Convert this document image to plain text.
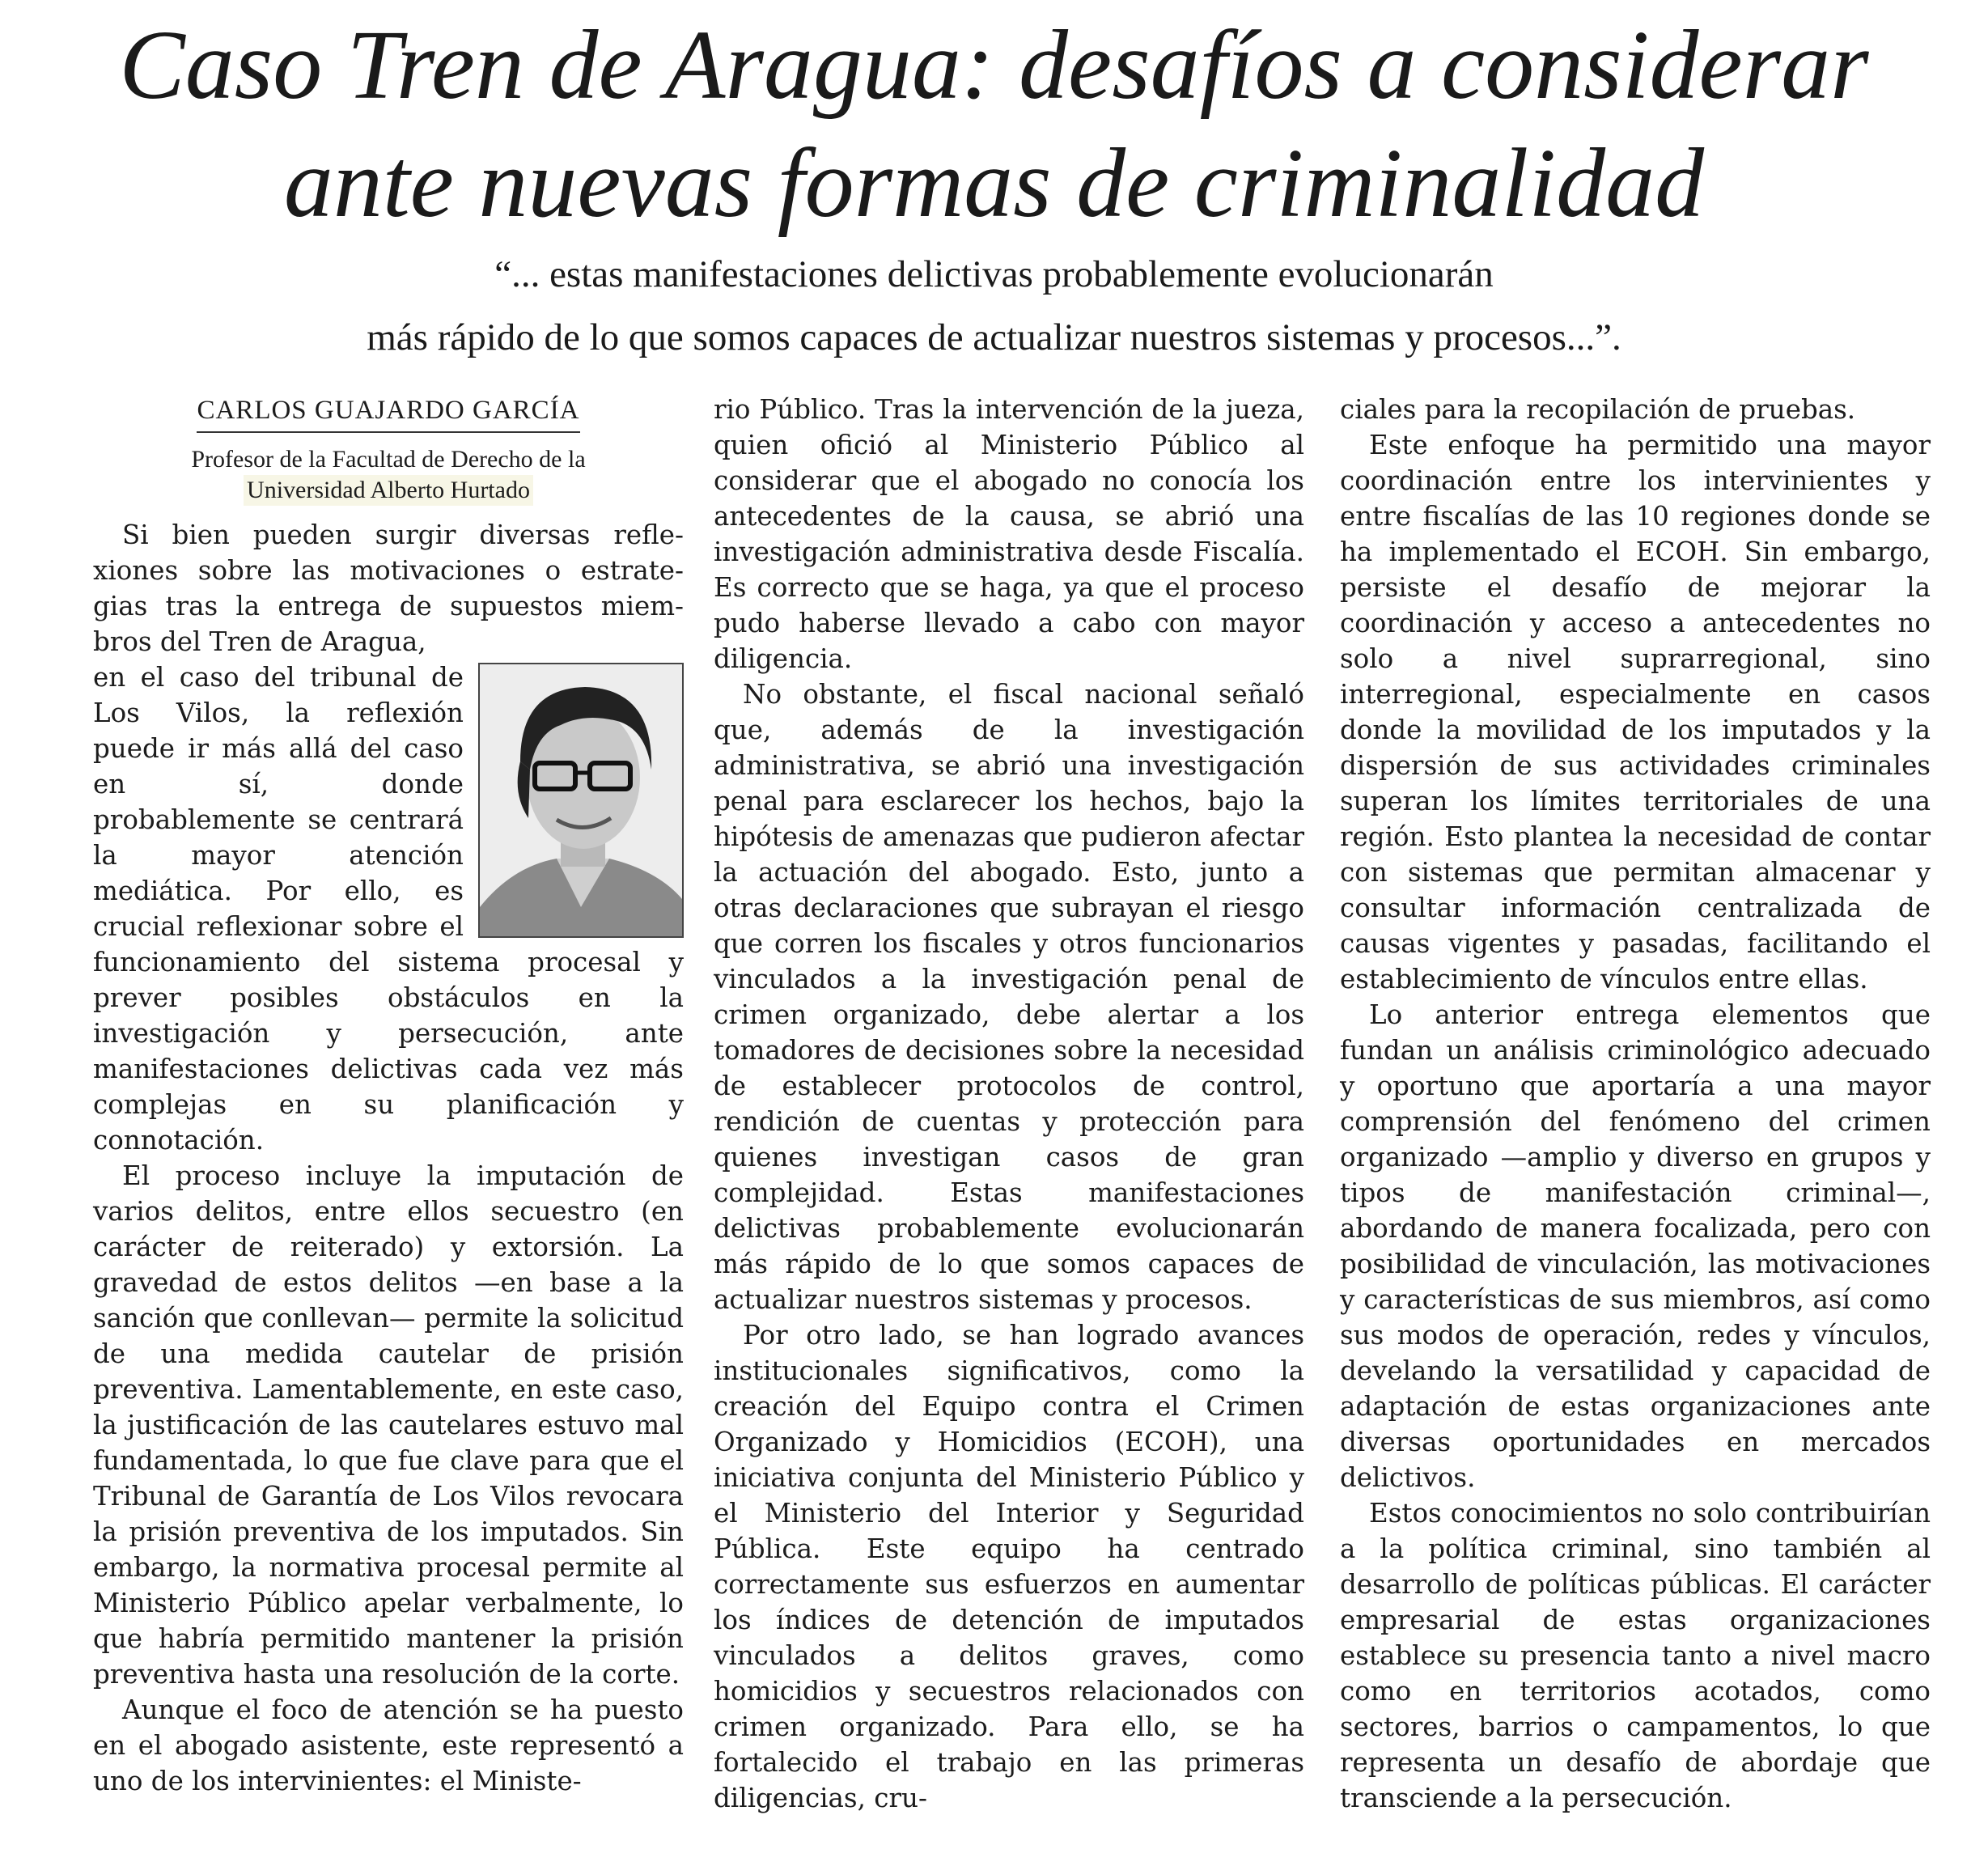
Caso Tren de Aragua: desafíos a considerar
ante nuevas formas de criminalidad
“... estas manifestaciones delictivas probablemente evolucionarán
más rápido de lo que somos capaces de actualizar nuestros sistemas y procesos...”.
CARLOS GUAJARDO GARCÍA
Profesor de la Facultad de Derecho de la
Universidad Alberto Hurtado

Si bien pueden surgir diversas refle-

xiones sobre las motivaciones o estrate-

gias tras la entrega de supuestos miem-

bros del Tren de Aragua,

en el caso del tribunal de Los Vilos, la reflexión puede ir más allá del caso en sí, donde probablemente se centrará la mayor atención mediática. Por ello, es crucial reflexionar sobre el funcionamiento del sistema procesal y prever posibles obstáculos en la investigación y persecución, ante manifestaciones delictivas cada vez más complejas en su planificación y connotación.

El proceso incluye la imputación de varios delitos, entre ellos secuestro (en carácter de reiterado) y extorsión. La gravedad de estos delitos —en base a la sanción que conllevan— permite la solicitud de una medida cautelar de prisión preventiva. Lamentablemente, en este caso, la justificación de las cautelares estuvo mal fundamentada, lo que fue clave para que el Tribunal de Garantía de Los Vilos revocara la prisión preventiva de los imputados. Sin embargo, la normativa procesal permite al Ministerio Público apelar verbalmente, lo que habría permitido mantener la prisión preventiva hasta una resolución de la corte.

Aunque el foco de atención se ha puesto en el abogado asistente, este representó a uno de los intervinientes: el Ministe-

rio Público. Tras la intervención de la jueza, quien ofició al Ministerio Público al considerar que el abogado no conocía los antecedentes de la causa, se abrió una investigación administrativa desde Fiscalía. Es correcto que se haga, ya que el proceso pudo haberse llevado a cabo con mayor diligencia.

No obstante, el fiscal nacional señaló que, además de la investigación administrativa, se abrió una investigación penal para esclarecer los hechos, bajo la hipótesis de amenazas que pudieron afectar la actuación del abogado. Esto, junto a otras declaraciones que subrayan el riesgo que corren los fiscales y otros funcionarios vinculados a la investigación penal de crimen organizado, debe alertar a los tomadores de decisiones sobre la necesidad de establecer protocolos de control, rendición de cuentas y protección para quienes investigan casos de gran complejidad. Estas manifestaciones delictivas probablemente evolucionarán más rápido de lo que somos capaces de actualizar nuestros sistemas y procesos.

Por otro lado, se han logrado avances institucionales significativos, como la creación del Equipo contra el Crimen Organizado y Homicidios (ECOH), una iniciativa conjunta del Ministerio Público y el Ministerio del Interior y Seguridad Pública. Este equipo ha centrado correctamente sus esfuerzos en aumentar los índices de detención de imputados vinculados a delitos graves, como homicidios y secuestros relacionados con crimen organizado. Para ello, se ha fortalecido el trabajo en las primeras diligencias, cru-

ciales para la recopilación de pruebas.

Este enfoque ha permitido una mayor coordinación entre los intervinientes y entre fiscalías de las 10 regiones donde se ha implementado el ECOH. Sin embargo, persiste el desafío de mejorar la coordinación y acceso a antecedentes no solo a nivel suprarregional, sino interregional, especialmente en casos donde la movilidad de los imputados y la dispersión de sus actividades criminales superan los límites territoriales de una región. Esto plantea la necesidad de contar con sistemas que permitan almacenar y consultar información centralizada de causas vigentes y pasadas, facilitando el establecimiento de vínculos entre ellas.

Lo anterior entrega elementos que fundan un análisis criminológico adecuado y oportuno que aportaría a una mayor comprensión del fenómeno del crimen organizado —amplio y diverso en grupos y tipos de manifestación criminal—, abordando de manera focalizada, pero con posibilidad de vinculación, las motivaciones y características de sus miembros, así como sus modos de operación, redes y vínculos, develando la versatilidad y capacidad de adaptación de estas organizaciones ante diversas oportunidades en mercados delictivos.

Estos conocimientos no solo contribuirían a la política criminal, sino también al desarrollo de políticas públicas. El carácter empresarial de estas organizaciones establece su presencia tanto a nivel macro como en territorios acotados, como sectores, barrios o campamentos, lo que representa un desafío de abordaje que transciende a la persecución.
